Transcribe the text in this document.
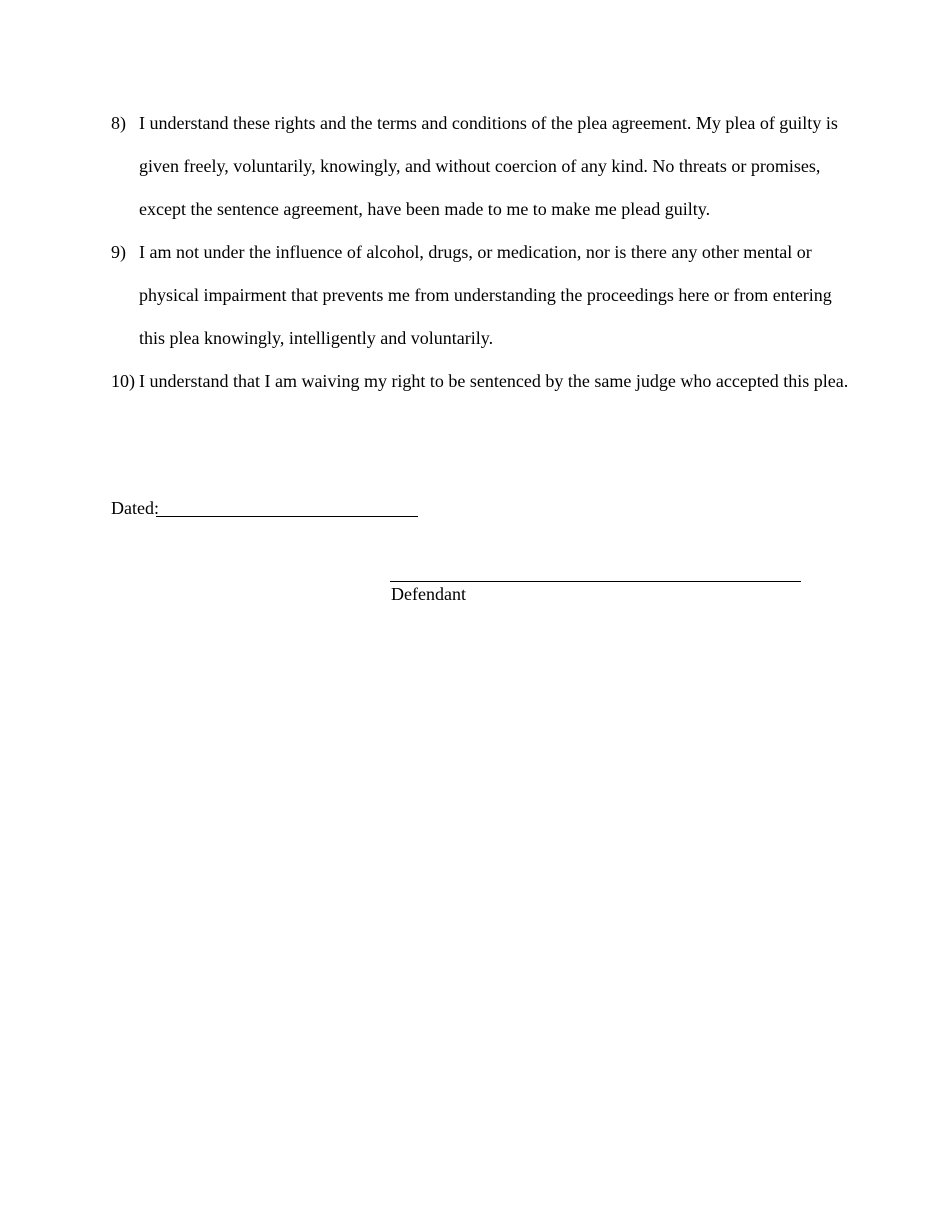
8) I understand these rights and the terms and conditions of the plea agreement. My plea of guilty is given freely, voluntarily, knowingly, and without coercion of any kind. No threats or promises, except the sentence agreement, have been made to me to make me plead guilty.
9) I am not under the influence of alcohol, drugs, or medication, nor is there any other mental or physical impairment that prevents me from understanding the proceedings here or from entering this plea knowingly, intelligently and voluntarily.
10) I understand that I am waiving my right to be sentenced by the same judge who accepted this plea.
Dated:
Defendant
